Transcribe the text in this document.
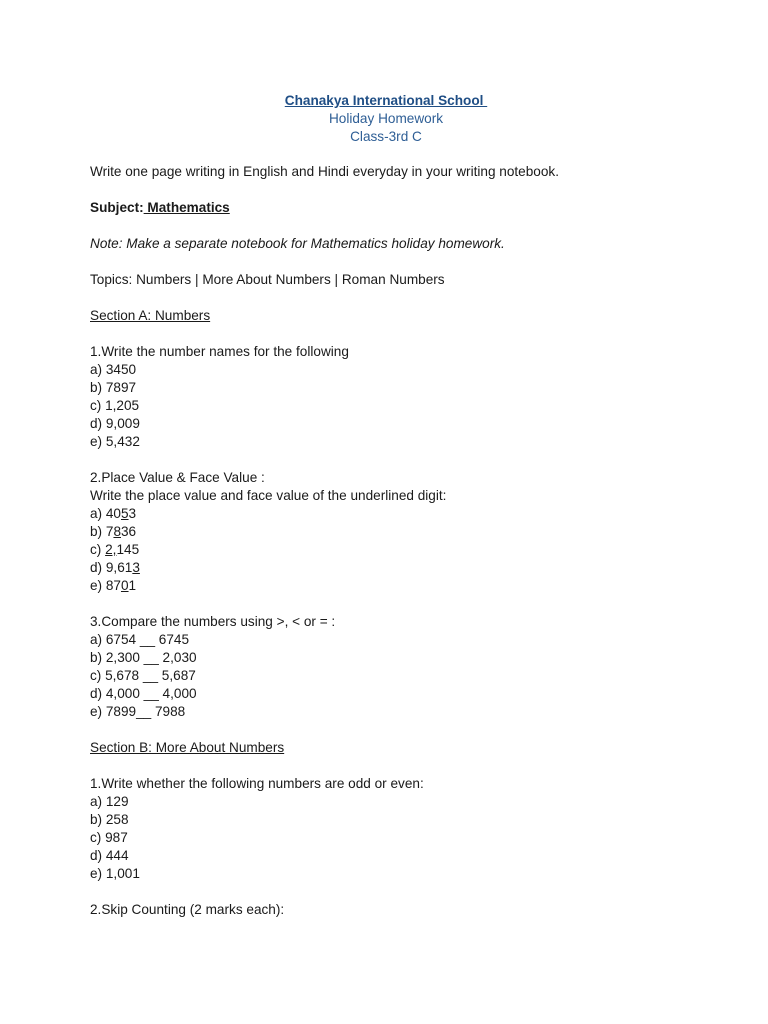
Chanakya International School
Holiday Homework
Class-3rd C
Write one page writing in English and Hindi everyday in your writing notebook.
Subject: Mathematics
Note: Make a separate notebook for Mathematics holiday homework.
Topics: Numbers | More About Numbers | Roman Numbers
Section A: Numbers
1.Write the number names for the following
a) 3450
b) 7897
c) 1,205
d) 9,009
e) 5,432
2.Place Value & Face Value :
Write the place value and face value of the underlined digit:
a) 4053
b) 7836
c) 2,145
d) 9,613
e) 8701
3.Compare the numbers using >, < or = :
a) 6754 __ 6745
b) 2,300 __ 2,030
c) 5,678 __ 5,687
d) 4,000 __ 4,000
e) 7899__ 7988
Section B: More About Numbers
1.Write whether the following numbers are odd or even:
a) 129
b) 258
c) 987
d) 444
e) 1,001
2.Skip Counting (2 marks each):
